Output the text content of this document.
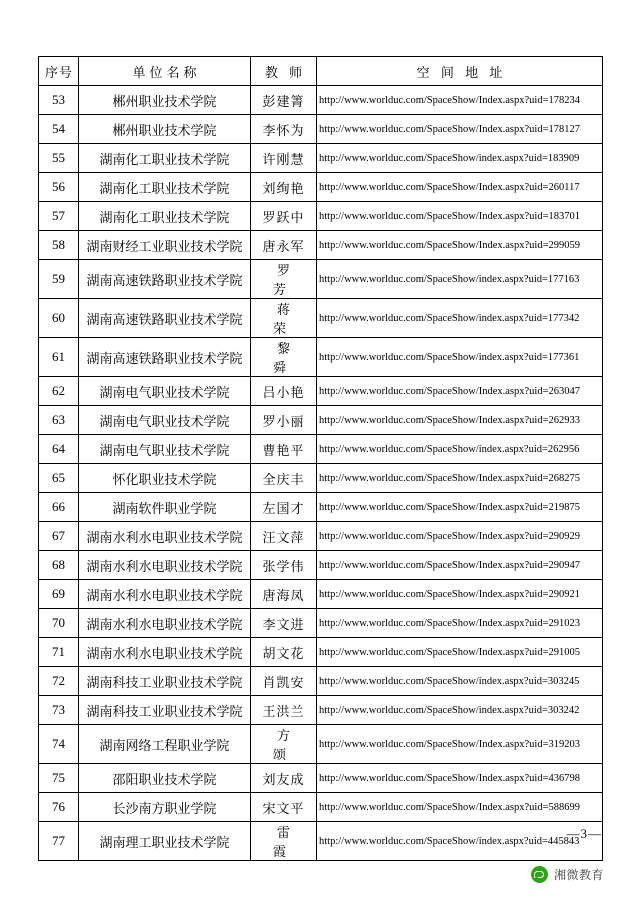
序号	单位名称	教 师	空 间 地 址
53	郴州职业技术学院	彭建箐	http://www.worlduc.com/SpaceShow/Index.aspx?uid=178234
54	郴州职业技术学院	李怀为	http://www.worlduc.com/SpaceShow/Index.aspx?uid=178127
55	湖南化工职业技术学院	许刚慧	http://www.worlduc.com/SpaceShow/index.aspx?uid=183909
56	湖南化工职业技术学院	刘绚艳	http://www.worlduc.com/SpaceShow/Index.aspx?uid=260117
57	湖南化工职业技术学院	罗跃中	http://www.worlduc.com/SpaceShow/Index.aspx?uid=183701
58	湖南财经工业职业技术学院	唐永军	http://www.worlduc.com/SpaceShow/Index.aspx?uid=299059
59	湖南高速铁路职业技术学院	罗 芳	http://www.worlduc.com/SpaceShow/index.aspx?uid=177163
60	湖南高速铁路职业技术学院	蒋 荣	http://www.worlduc.com/SpaceShow/index.aspx?uid=177342
61	湖南高速铁路职业技术学院	黎 舜	http://www.worlduc.com/SpaceShow/index.aspx?uid=177361
62	湖南电气职业技术学院	吕小艳	http://www.worlduc.com/SpaceShow/Index.aspx?uid=263047
63	湖南电气职业技术学院	罗小丽	http://www.worlduc.com/SpaceShow/Index.aspx?uid=262933
64	湖南电气职业技术学院	曹艳平	http://www.worlduc.com/SpaceShow/index.aspx?uid=262956
65	怀化职业技术学院	全庆丰	http://www.worlduc.com/SpaceShow/Index.aspx?uid=268275
66	湖南软件职业学院	左国才	http://www.worlduc.com/SpaceShow/Index.aspx?uid=219875
67	湖南水利水电职业技术学院	汪文萍	http://www.worlduc.com/SpaceShow/Index.aspx?uid=290929
68	湖南水利水电职业技术学院	张学伟	http://www.worlduc.com/SpaceShow/Index.aspx?uid=290947
69	湖南水利水电职业技术学院	唐海凤	http://www.worlduc.com/SpaceShow/Index.aspx?uid=290921
70	湖南水利水电职业技术学院	李文进	http://www.worlduc.com/SpaceShow/Index.aspx?uid=291023
71	湖南水利水电职业技术学院	胡文花	http://www.worlduc.com/SpaceShow/Index.aspx?uid=291005
72	湖南科技工业职业技术学院	肖凯安	http://www.worlduc.com/SpaceShow/index.aspx?uid=303245
73	湖南科技工业职业技术学院	王洪兰	http://www.worlduc.com/SpaceShow/index.aspx?uid=303242
74	湖南网络工程职业学院	方 颂	http://www.worlduc.com/SpaceShow/Index.aspx?uid=319203
75	邵阳职业技术学院	刘友成	http://www.worlduc.com/SpaceShow/Index.aspx?uid=436798
76	长沙南方职业学院	宋文平	http://www.worlduc.com/SpaceShow/Index.aspx?uid=588699
77	湖南理工职业技术学院	雷 霞	http://www.worlduc.com/SpaceShow/index.aspx?uid=445843
—3—
湘微教育
